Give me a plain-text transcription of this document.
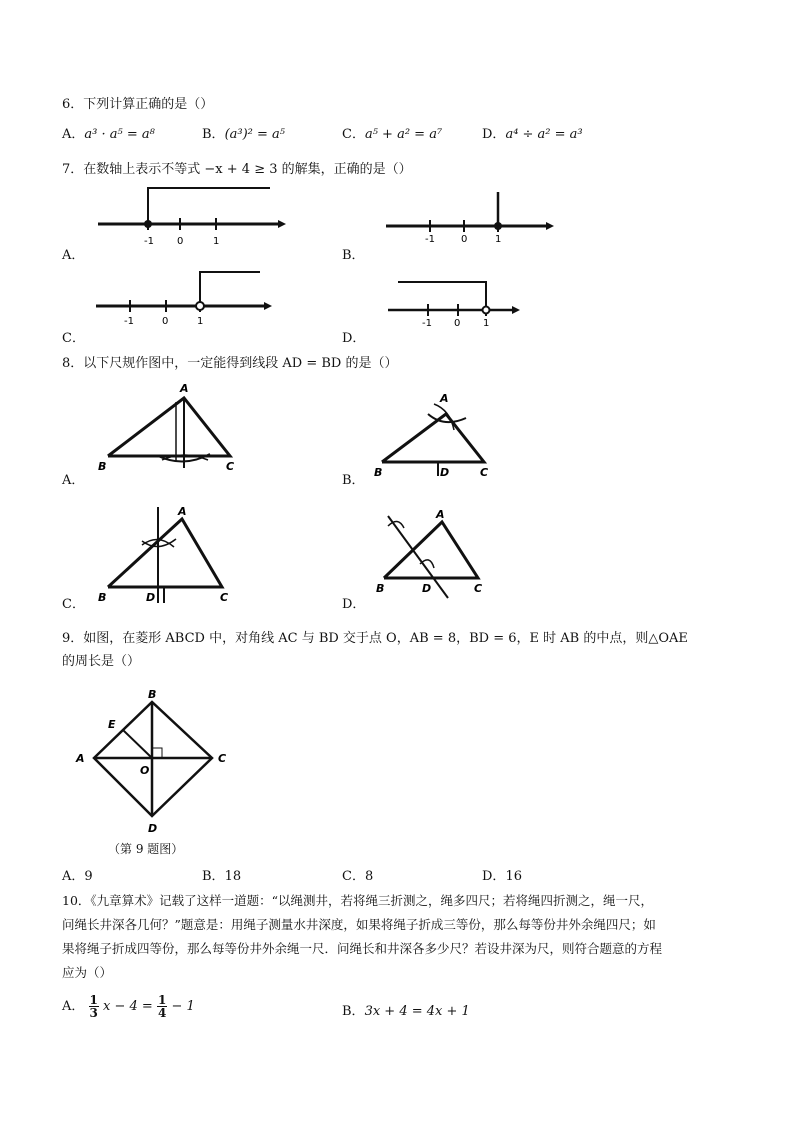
6．下列计算正确的是（）
A．a³ · a⁵ = a⁸	B．(a³)² = a⁵	C．a⁵ + a² = a⁷	D．a⁴ ÷ a² = a³
7．在数轴上表示不等式 −x + 4 ≥ 3 的解集，正确的是（）
A．
-1 0	1
B．
-1	0	1
C．
-1	0	1
D．
-1 0 1
8．以下尺规作图中，一定能得到线段 AD = BD 的是（）
A．
A
B	C
B．
A
B	D	C
C．
A
B	D	C	D．
A
B	D	C
9．如图，在菱形 ABCD 中，对角线 AC 与 BD 交于点 O，AB = 8，BD = 6，E 时 AB 的中点，则△OAE
的周长是（）
B
E
A	C
O
D
（第 9 题图）
A．9	B．18	C．8	D．16
10．《九章算术》记载了这样一道题：“以绳测井，若将绳三折测之，绳多四尺；若将绳四折测之，绳一尺，
问绳长井深各几何？”题意是：用绳子测量水井深度，如果将绳子折成三等份，那么每等份井外余绳四尺；如
果将绳子折成四等份，那么每等份井外余绳一尺．问绳长和井深各多少尺？若设井深为尺，则符合题意的方程
应为（）
A． $\frac{1}{3}$ $x - 4 = \frac{1}{4} - 1$	B．3x + 4 = 4x + 1
